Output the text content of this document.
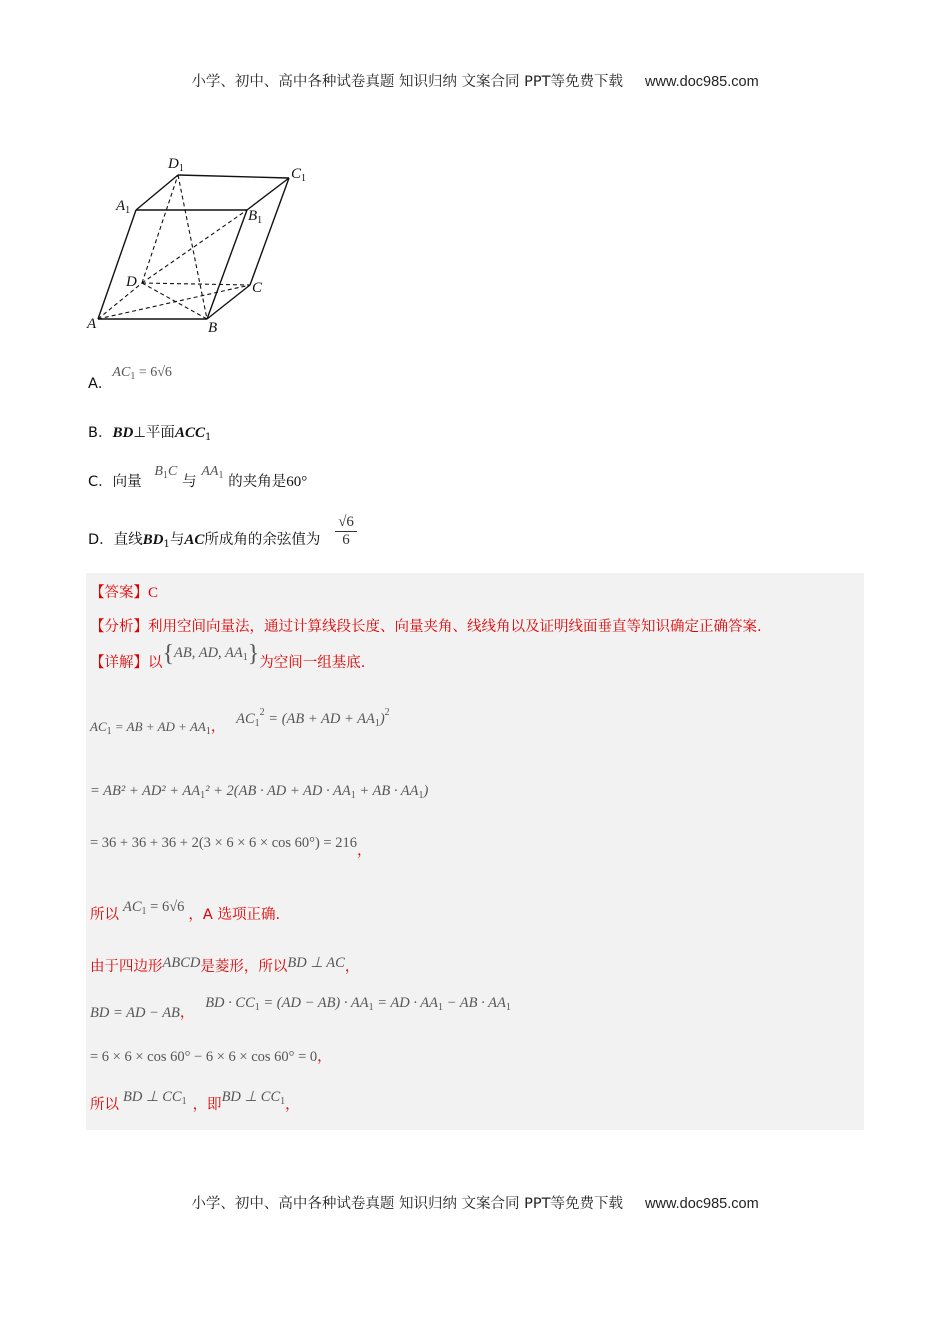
小学、初中、高中各种试卷真题 知识归纳 文案合同 PPT等免费下载 www.doc985.com
$D_1$	$C_1$
$A_1$	$B_1$
D	C
A	B
A．$AC_1 = 6√6$
B．BD⊥平面$ACC_1$
C．向量 $B_1C$ 与 $AA_1$ 的夹角是60°
D．直线$BD_1$与AC所成角的余弦值为 $\frac{√6}{6}$
【答案】C
【分析】利用空间向量法，通过计算线段长度、向量夹角、线线角以及证明线面垂直等知识确定正确答案.
【详解】以{AB, AD, $AA_1$}为空间一组基底.
$AC_1$ = AB + AD + $AA_1$， $AC_1^2 = (AB$ + AD + $AA_1)^2$
= $AB^2 + AD^2 + AA_1^2 + 2(AB$ · AD + AD · $AA_1$ + AB · $AA_1$)
= 36 + 36 + 36 + 2(3 × 6 × 6 × cos 60°) = 216，
所以 $AC_1 = 6√6$ ，A 选项正确.
由于四边形ABCD是菱形，所以BD ⊥ AC，
BD = AD − AB， BD · $CC_1 = (AD - AB) \cdot AA_1$ = AD · $AA_1$ − AB · $AA_1$
= 6 × 6 × cos 60° − 6 × 6 × cos 60° = 0，
所以 BD ⊥ $CC_1$ ，即BD ⊥ $CC_1$，
小学、初中、高中各种试卷真题 知识归纳 文案合同 PPT等免费下载 www.doc985.com
